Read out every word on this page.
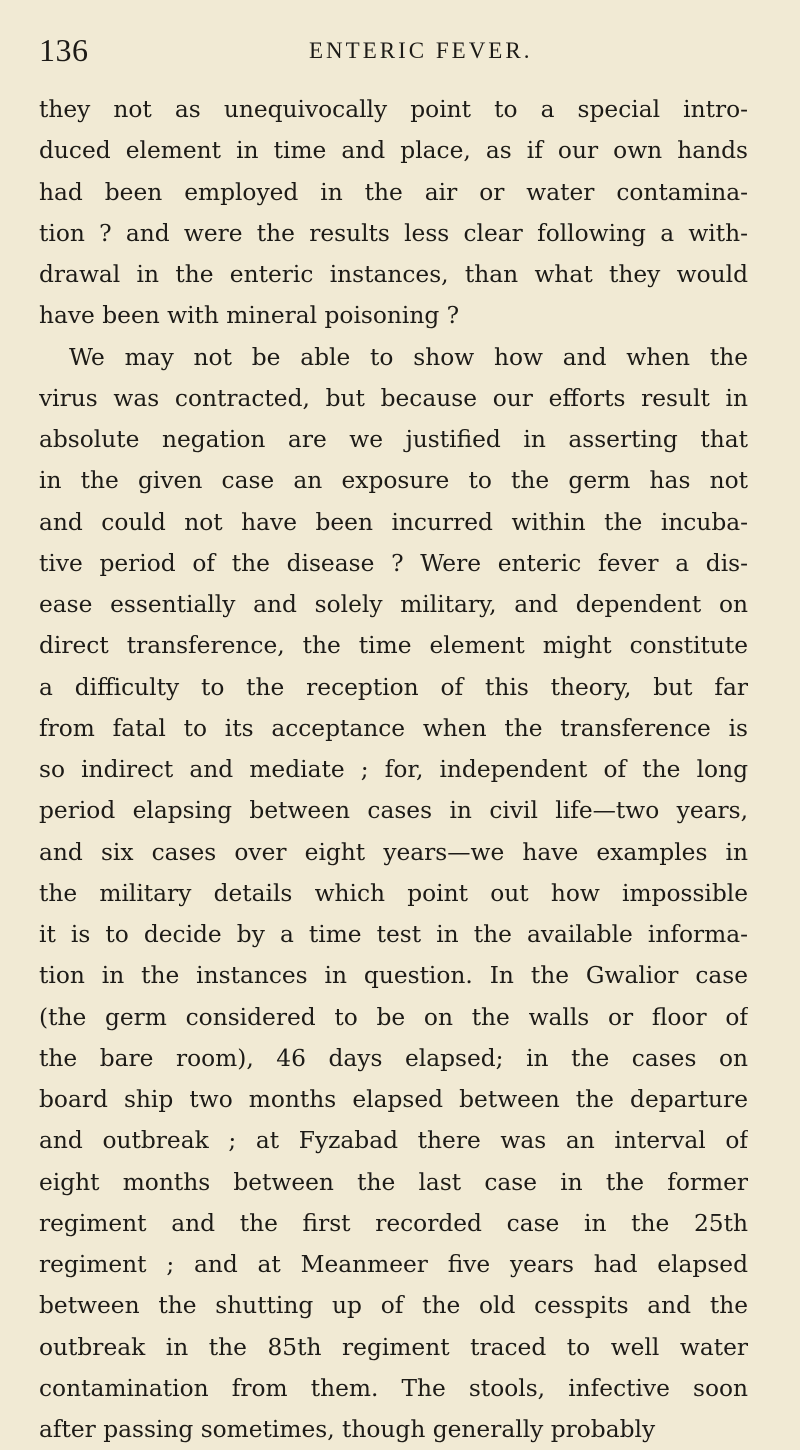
136	ENTERIC FEVER.
they not as unequivocally point to a special intro-
duced element in time and place, as if our own hands
had been employed in the air or water contamina-
tion ? and were the results less clear following a with-
drawal in the enteric instances, than what they would
have been with mineral poisoning ?
We may not be able to show how and when the
virus was contracted, but because our efforts result in
absolute negation are we justified in asserting that
in the given case an exposure to the germ has not
and could not have been incurred within the incuba-
tive period of the disease ? Were enteric fever a dis-
ease essentially and solely military, and dependent on
direct transference, the time element might constitute
a difficulty to the reception of this theory, but far
from fatal to its acceptance when the transference is
so indirect and mediate ; for, independent of the long
period elapsing between cases in civil life—two years,
and six cases over eight years—we have examples in
the military details which point out how impossible
it is to decide by a time test in the available informa-
tion in the instances in question. In the Gwalior case
(the germ considered to be on the walls or floor of
the bare room), 46 days elapsed; in the cases on
board ship two months elapsed between the departure
and outbreak ; at Fyzabad there was an interval of
eight months between the last case in the former
regiment and the first recorded case in the 25th
regiment ; and at Meanmeer five years had elapsed
between the shutting up of the old cesspits and the
outbreak in the 85th regiment traced to well water
contamination from them. The stools, infective soon
after passing sometimes, though generally probably
